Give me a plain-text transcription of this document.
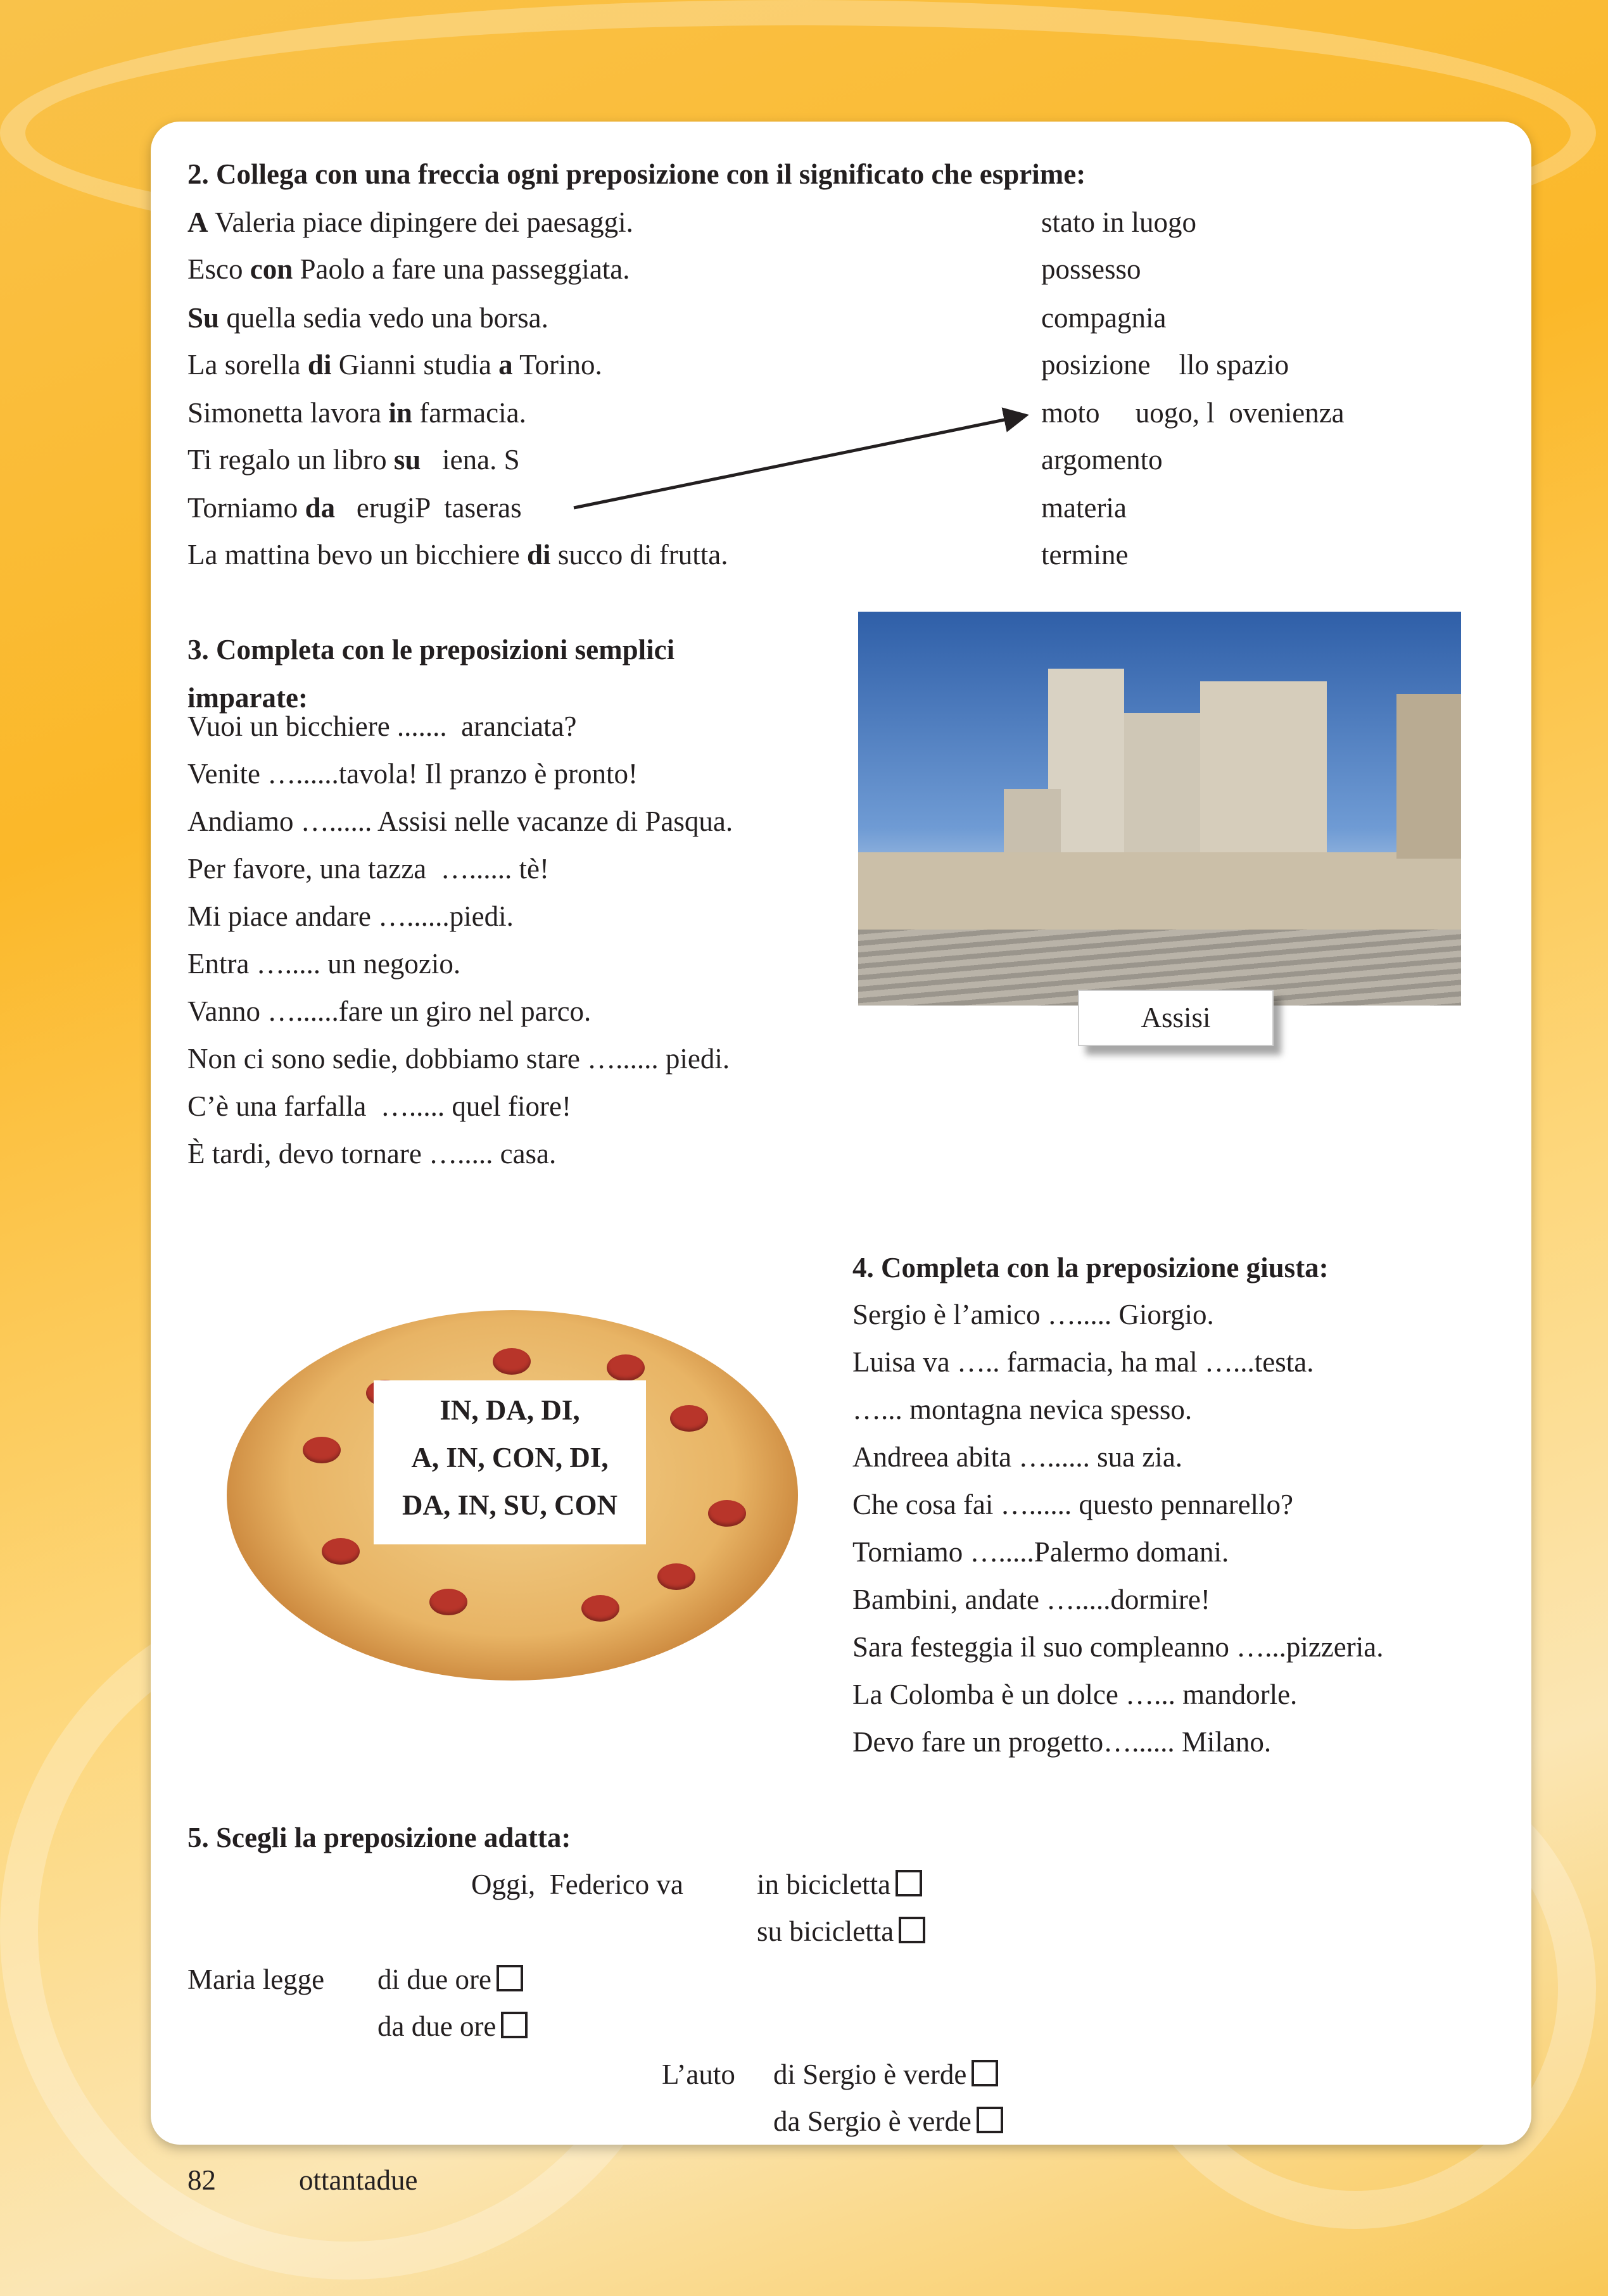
2. Collega con una freccia ogni preposizione con il significato che esprime:
A Valeria piace dipingere dei paesaggi.
Esco con Paolo a fare una passeggiata.
Su quella sedia vedo una borsa.
La sorella di Gianni studia a Torino.
Simonetta lavora in farmacia.
Ti regalo un libro su   iena. S
Torniamo da   erugiP  taseras
La mattina bevo un bicchiere di succo di frutta.
stato in luogo
possesso
compagnia
posizione    llo spazio
moto     uogo, l  ovenienza
argomento
materia
termine
3. Completa con le preposizioni semplici
imparate:
Vuoi un bicchiere .......  aranciata?
Venite …......tavola! Il pranzo è pronto!
Andiamo …...... Assisi nelle vacanze di Pasqua.
Per favore, una tazza  …...... tè!
Mi piace andare …......piedi.
Entra …..... un negozio.
Vanno …......fare un giro nel parco.
Non ci sono sedie, dobbiamo stare …...... piedi.
C’è una farfalla  …..... quel fiore!
È tardi, devo tornare …..... casa.
Assisi
IN, DA, DI,
A, IN, CON, DI,
DA, IN, SU, CON
4. Completa con la preposizione giusta:
Sergio è l’amico …..... Giorgio.
Luisa va ….. farmacia, ha mal …...testa.
…... montagna nevica spesso.
Andreea abita …...... sua zia.
Che cosa fai …...... questo pennarello?
Torniamo ….....Palermo domani.
Bambini, andate ….....dormire!
Sara festeggia il suo compleanno …...pizzeria.
La Colomba è un dolce …... mandorle.
Devo fare un progetto…...... Milano.
5. Scegli la preposizione adatta:
Oggi,  Federico va	in bicicletta
su bicicletta
Maria legge di due ore
da due ore
L’auto di Sergio è verde
da Sergio è verde
82	ottantadue
